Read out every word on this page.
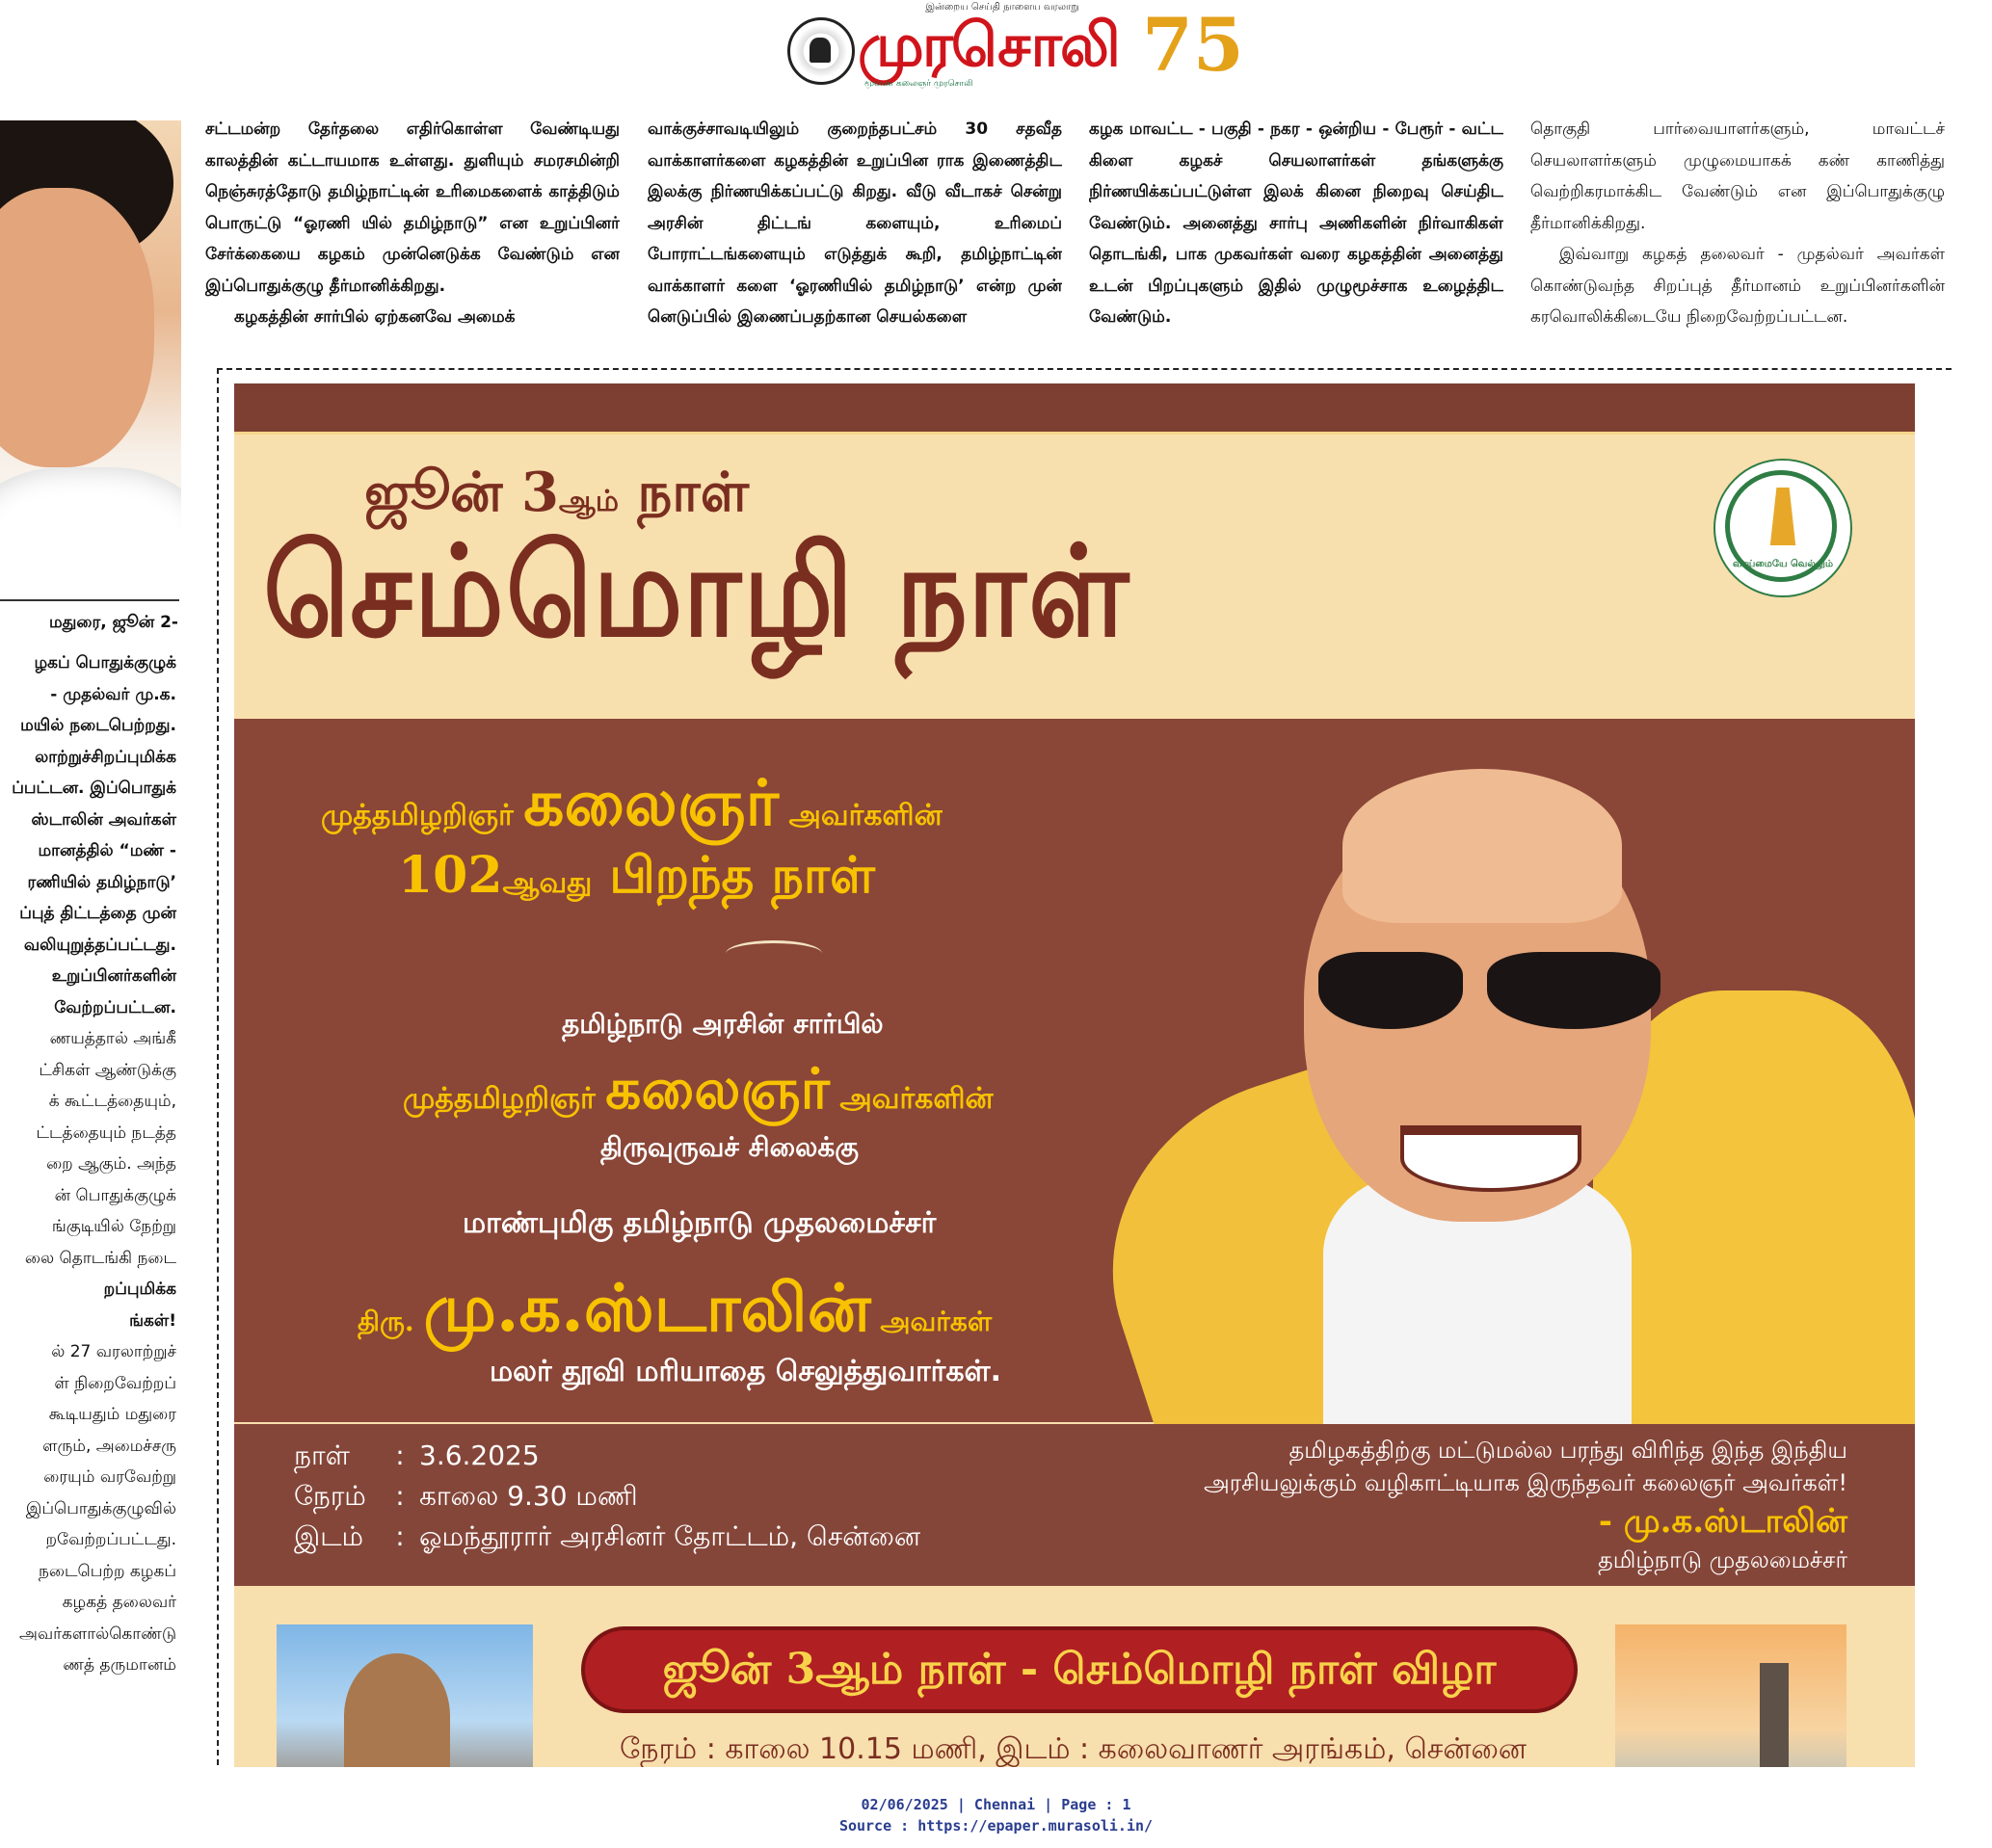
இன்றைய செய்தி நாளைய வரலாறு
முரசொலி
மூவண் கலைஞர் முரசொலி 75
மதுரை, ஜூன் 2-
ழகப் பொதுக்குழுக்
- முதல்வர் மு.க.
மயில் நடைபெற்றது.
லாற்றுச்சிறப்புமிக்க
ப்பட்டன. இப்பொதுக்
ஸ்டாலின் அவர்கள்
மானத்தில் “மண் -
ரணியில் தமிழ்நாடு’
ப்புத் திட்டத்தை முன்
வலியுறுத்தப்பட்டது.
உறுப்பினர்களின்
வேற்றப்பட்டன.
ணயத்தால் அங்கீ
ட்சிகள் ஆண்டுக்கு
க் கூட்டத்தையும்,
ட்டத்தையும் நடத்த
றை ஆகும். அந்த
ன் பொதுக்குழுக்
ங்குடியில் நேற்று
லை தொடங்கி நடை
றப்புமிக்க
ங்கள்!
ல் 27 வரலாற்றுச்
ள் நிறைவேற்றப்
கூடியதும் மதுரை
ளரும், அமைச்சரு
ரையும் வரவேற்று
இப்பொதுக்குழுவில்
றவேற்றப்பட்டது.
நடைபெற்ற கழகப்
கழகத் தலைவர்
அவர்களால்கொண்டு
ணத் தருமானம்

சட்டமன்ற தேர்தலை எதிர்கொள்ள வேண்டியது காலத்தின் கட்டாயமாக உள்ளது. துளியும் சமரசமின்றி நெஞ்சுரத்தோடு தமிழ்நாட்டின் உரிமைகளைக் காத்திடும் பொருட்டு “ஓரணி யில் தமிழ்நாடு” என உறுப்பினர் சேர்க்கையை கழகம் முன்னெடுக்க வேண்டும் என இப்பொதுக்குழு தீர்மானிக்கிறது.

கழகத்தின் சார்பில் ஏற்கனவே அமைக்

வாக்குச்சாவடியிலும் குறைந்தபட்சம் 30 சதவீத வாக்காளர்களை கழகத்தின் உறுப்பின ராக இணைத்திட இலக்கு நிர்ணயிக்கப்பட்டு கிறது. வீடு வீடாகச் சென்று அரசின் திட்டங் களையும், உரிமைப் போராட்டங்களையும் எடுத்துக் கூறி, தமிழ்நாட்டின் வாக்காளர் களை ‘ஓரணியில் தமிழ்நாடு’ என்ற முன் னெடுப்பில் இணைப்பதற்கான செயல்களை

கழக மாவட்ட - பகுதி - நகர - ஒன்றிய - பேரூர் - வட்ட கிளை கழகச் செயலாளர்கள் தங்களுக்கு நிர்ணயிக்கப்பட்டுள்ள இலக் கினை நிறைவு செய்திட வேண்டும். அனைத்து சார்பு அணிகளின் நிர்வாகிகள் தொடங்கி, பாக முகவர்கள் வரை கழகத்தின் அனைத்து உடன் பிறப்புகளும் இதில் முழுமூச்சாக உழைத்திட வேண்டும்.

தொகுதி பார்வையாளர்களும், மாவட்டச் செயலாளர்களும் முழுமையாகக் கண் காணித்து வெற்றிகரமாக்கிட வேண்டும் என இப்பொதுக்குழு தீர்மானிக்கிறது.

இவ்வாறு கழகத் தலைவர் - முதல்வர் அவர்கள் கொண்டுவந்த சிறப்புத் தீர்மானம் உறுப்பினர்களின் கரவொலிக்கிடையே நிறைவேற்றப்பட்டன.

ஜூன் 3ஆம் நாள்
செம்மொழி நாள்	வாய்மையே வெல்லும்
முத்தமிழறிஞர் கலைஞர் அவர்களின்
102ஆவது பிறந்த நாள்
தமிழ்நாடு அரசின் சார்பில்
முத்தமிழறிஞர் கலைஞர் அவர்களின்
திருவுருவச் சிலைக்கு
மாண்புமிகு தமிழ்நாடு முதலமைச்சர்
திரு. மு.க.ஸ்டாலின் அவர்கள்
மலர் தூவி மரியாதை செலுத்துவார்கள்.
நாள் : 3.6.2025
நேரம் : காலை 9.30 மணி
இடம் : ஓமந்தூரார் அரசினர் தோட்டம், சென்னை
தமிழகத்திற்கு மட்டுமல்ல பரந்து விரிந்த இந்த இந்திய
அரசியலுக்கும் வழிகாட்டியாக இருந்தவர் கலைஞர் அவர்கள்!
- மு.க.ஸ்டாலின்
தமிழ்நாடு முதலமைச்சர்
ஜூன் 3ஆம் நாள் - செம்மொழி நாள் விழா
நேரம் : காலை 10.15 மணி, இடம் : கலைவாணர் அரங்கம், சென்னை
02/06/2025 | Chennai | Page : 1
Source : https://epaper.murasoli.in/
